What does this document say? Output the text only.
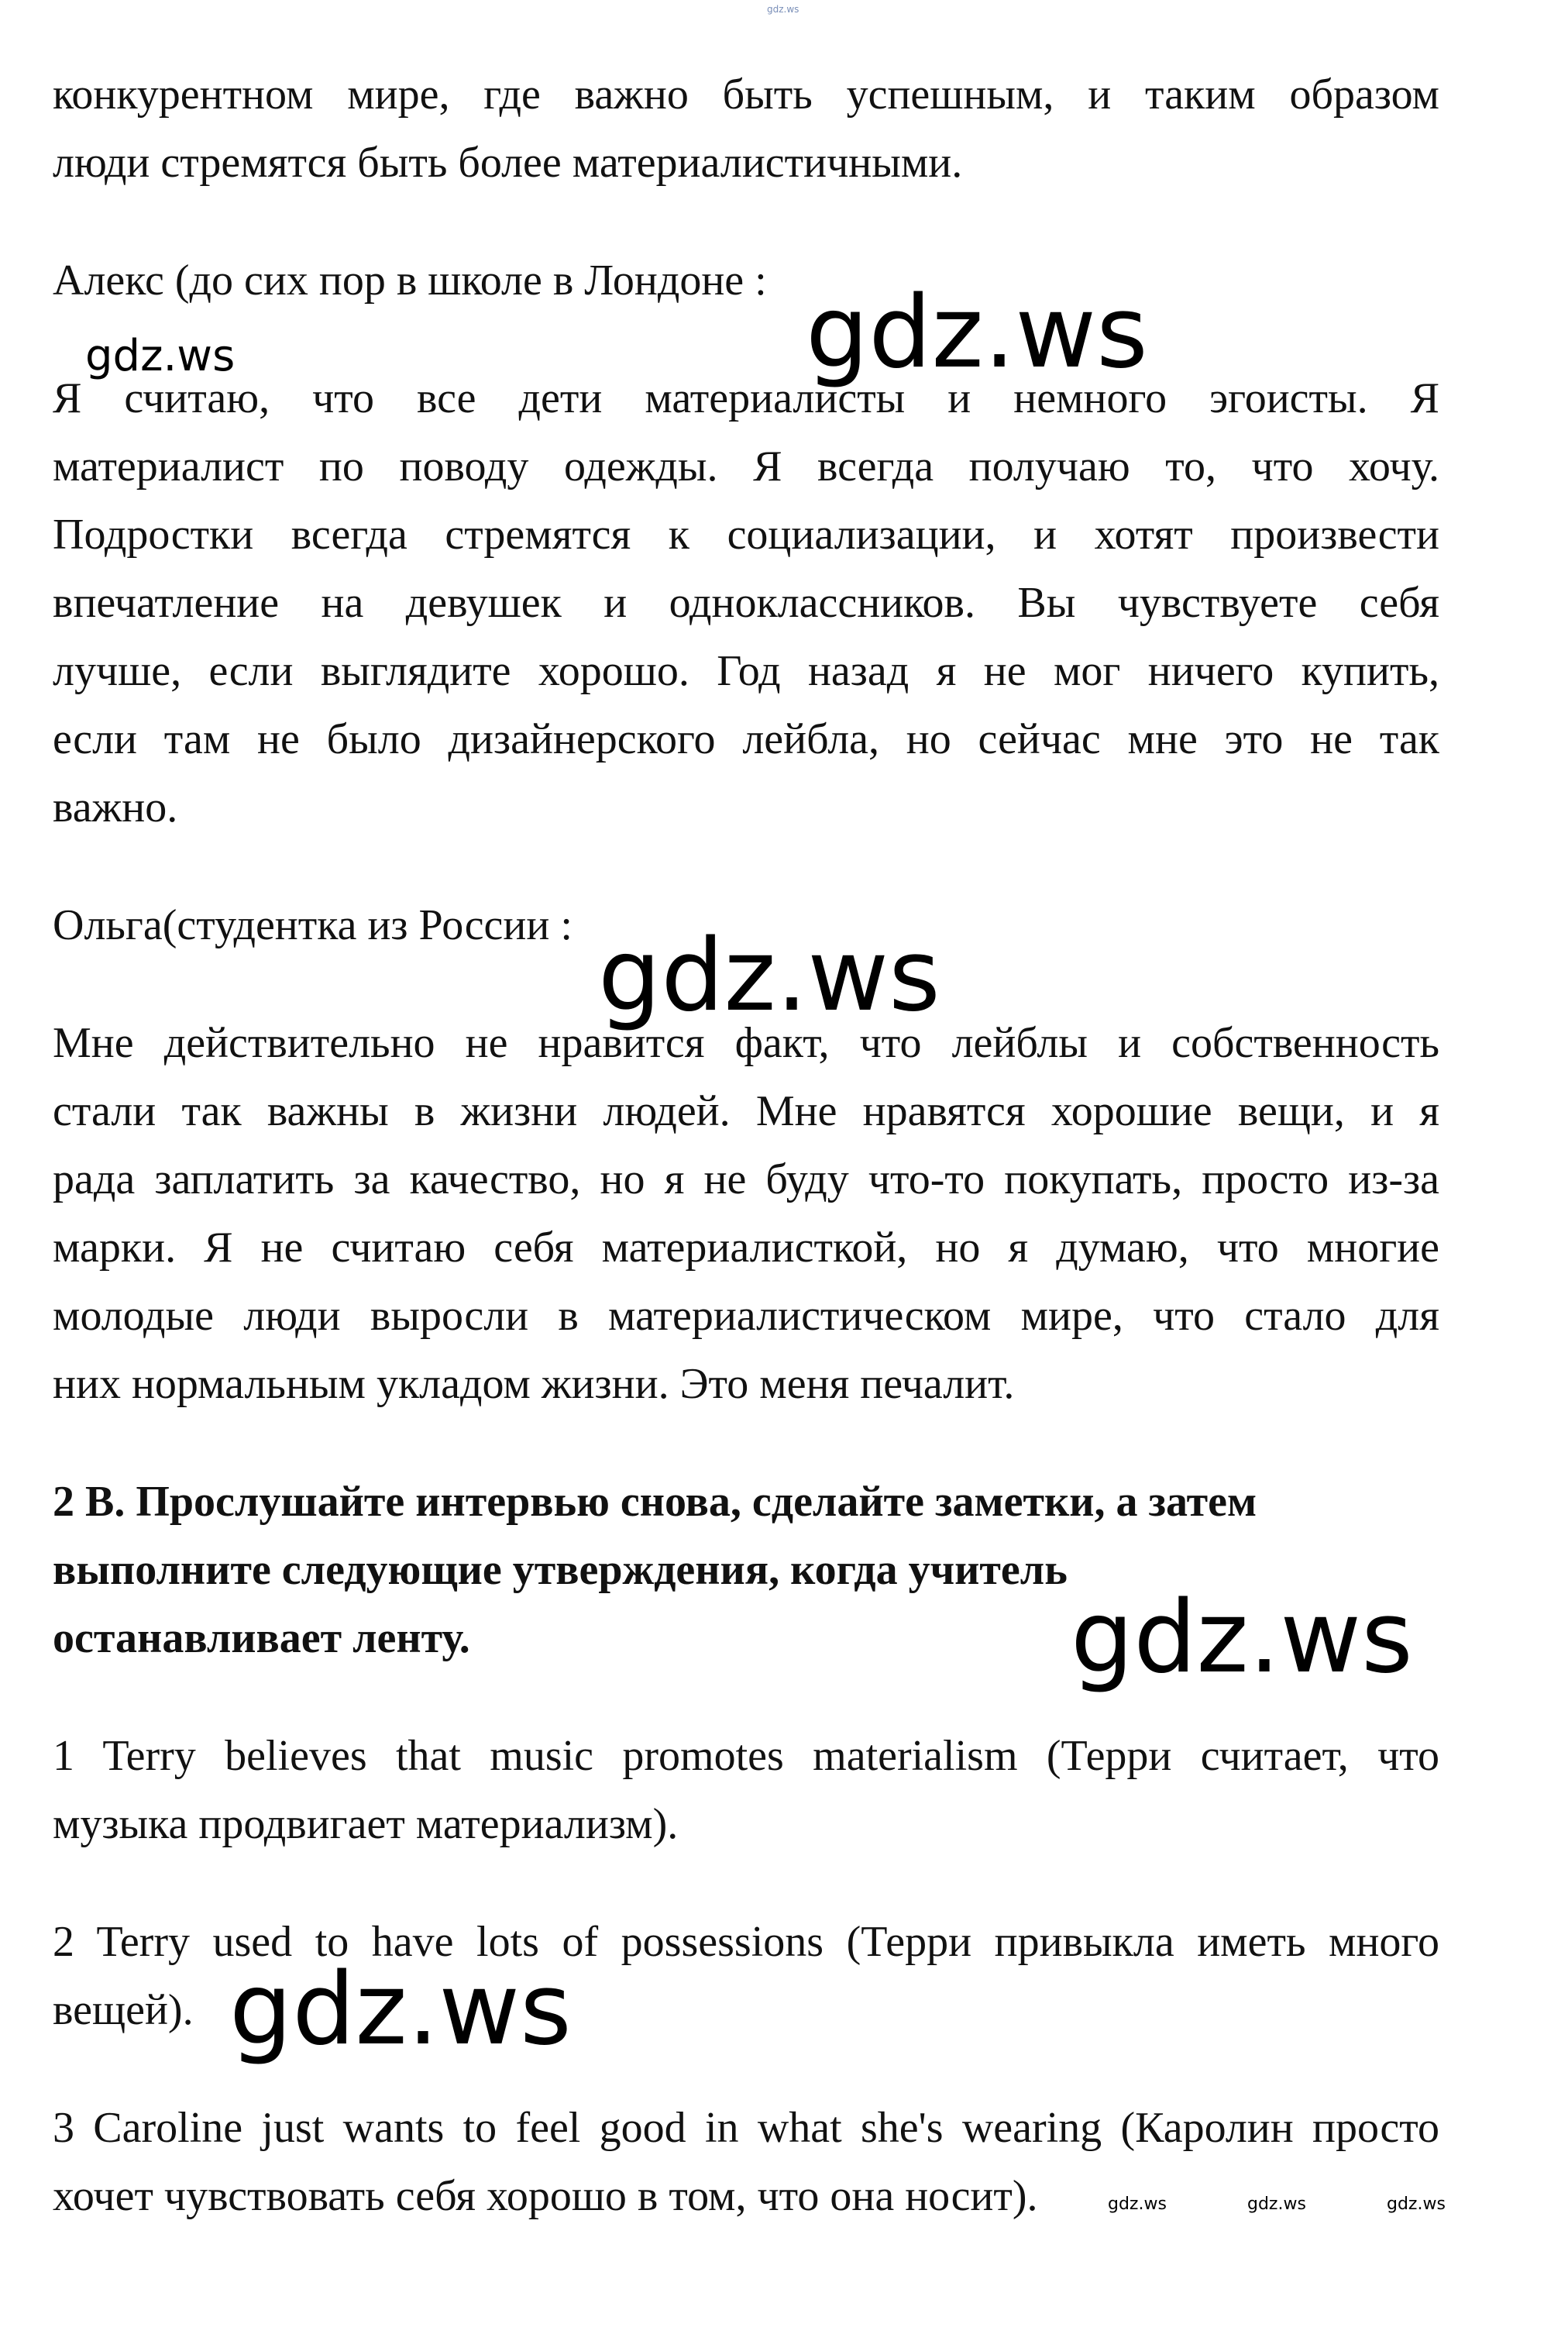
gdz.ws
конкурентном мире, где важно быть успешным, и таким образом
люди стремятся быть более материалистичными.
Алекс (до сих пор в школе в Лондоне : gdz.ws
gdz.ws
Я считаю, что все дети материалисты и немного эгоисты. Я
материалист по поводу одежды. Я всегда получаю то, что хочу.
Подростки всегда стремятся к социализации, и хотят произвести
впечатление на девушек и одноклассников. Вы чувствуете себя
лучше, если выглядите хорошо. Год назад я не мог ничего купить,
если там не было дизайнерского лейбла, но сейчас мне это не так
важно.
Ольга(студентка из России : gdz.ws
Мне действительно не нравится факт, что лейблы и собственность
стали так важны в жизни людей. Мне нравятся хорошие вещи, и я
рада заплатить за качество, но я не буду что-то покупать, просто из-за
марки. Я не считаю себя материалисткой, но я думаю, что многие
молодые люди выросли в материалистическом мире, что стало для
них нормальным укладом жизни. Это меня печалит.
2 B. Прослушайте интервью снова, сделайте заметки, а затем
выполните следующие утверждения, когда учитель
останавливает ленту.	gdz.ws
1 Terry believes that music promotes materialism (Терри считает, что
музыка продвигает материализм).
2 Terry used to have lots of possessions (Терри привыкла иметь много
вещей). gdz.ws
3 Caroline just wants to feel good in what she's wearing (Каролин просто
хочет чувствовать себя хорошо в том, что она носит).	gdz.ws	gdz.ws	gdz.ws
gdz.ws
